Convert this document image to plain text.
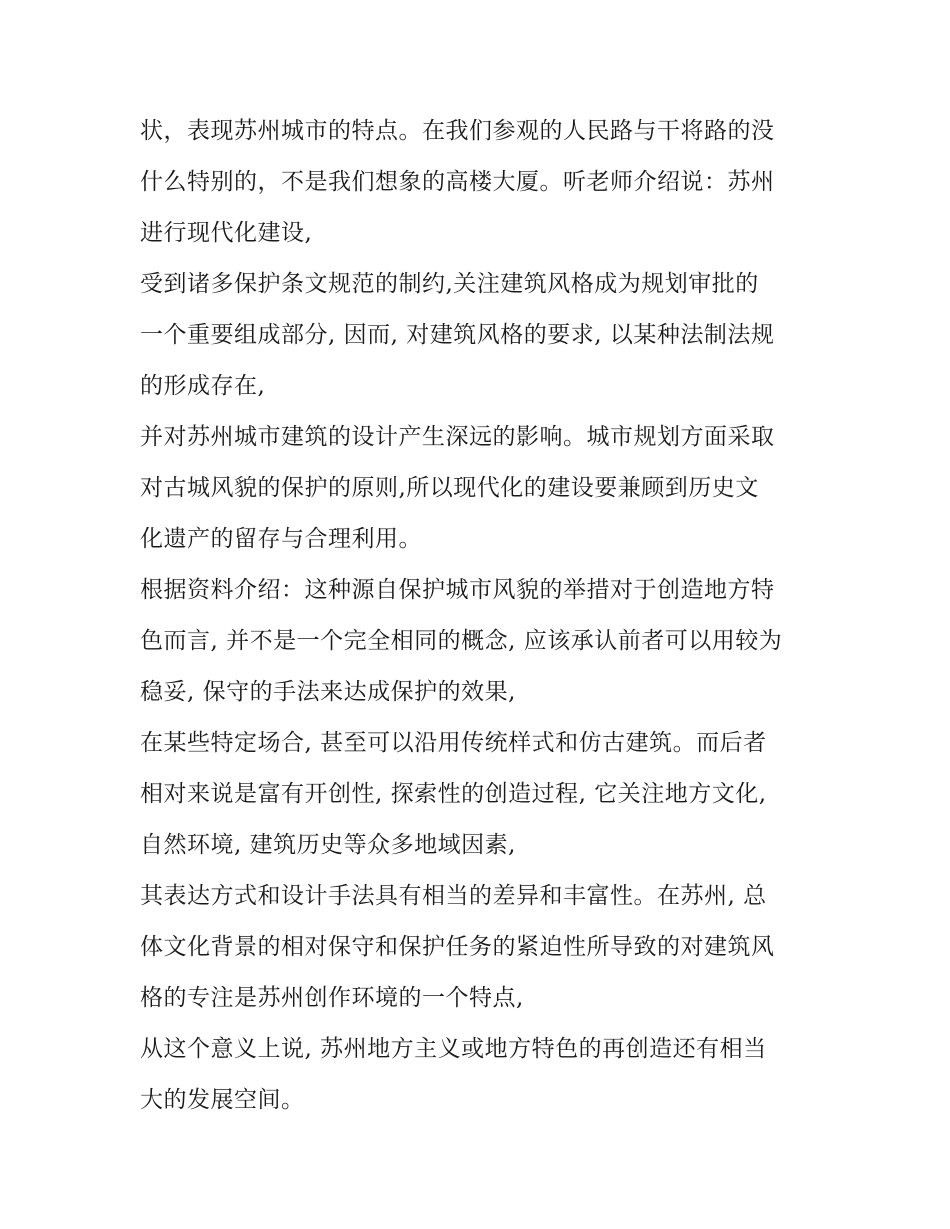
状，表现苏州城市的特点。在我们参观的人民路与干将路的没
什么特别的，不是我们想象的高楼大厦。听老师介绍说：苏州
进行现代化建设,
受到诸多保护条文规范的制约,关注建筑风格成为规划审批的
一个重要组成部分, 因而, 对建筑风格的要求, 以某种法制法规
的形成存在,
并对苏州城市建筑的设计产生深远的影响。城市规划方面采取
对古城风貌的保护的原则,所以现代化的建设要兼顾到历史文
化遗产的留存与合理利用。
根据资料介绍：这种源自保护城市风貌的举措对于创造地方特
色而言, 并不是一个完全相同的概念, 应该承认前者可以用较为
稳妥, 保守的手法来达成保护的效果,
在某些特定场合, 甚至可以沿用传统样式和仿古建筑。而后者
相对来说是富有开创性, 探索性的创造过程, 它关注地方文化,
自然环境, 建筑历史等众多地域因素,
其表达方式和设计手法具有相当的差异和丰富性。在苏州, 总
体文化背景的相对保守和保护任务的紧迫性所导致的对建筑风
格的专注是苏州创作环境的一个特点,
从这个意义上说, 苏州地方主义或地方特色的再创造还有相当
大的发展空间。
